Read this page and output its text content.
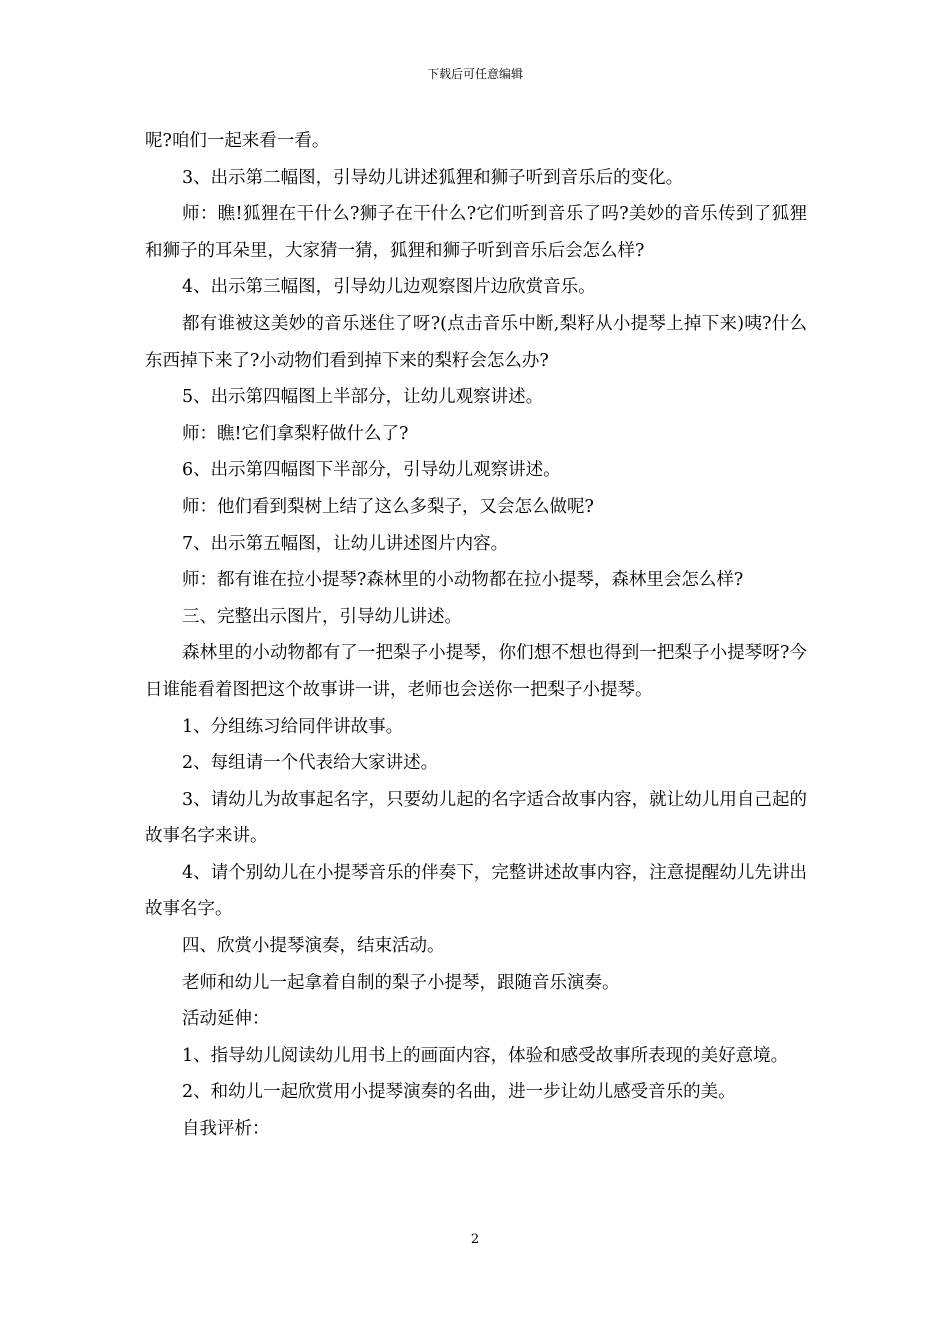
下载后可任意编辑

呢?咱们一起来看一看。

3、出示第二幅图，引导幼儿讲述狐狸和狮子听到音乐后的变化。

师：瞧!狐狸在干什么?狮子在干什么?它们听到音乐了吗?美妙的音乐传到了狐狸和狮子的耳朵里，大家猜一猜，狐狸和狮子听到音乐后会怎么样?

4、出示第三幅图，引导幼儿边观察图片边欣赏音乐。

都有谁被这美妙的音乐迷住了呀?(点击音乐中断,梨籽从小提琴上掉下来)咦?什么东西掉下来了?小动物们看到掉下来的梨籽会怎么办?

5、出示第四幅图上半部分，让幼儿观察讲述。

师：瞧!它们拿梨籽做什么了?

6、出示第四幅图下半部分，引导幼儿观察讲述。

师：他们看到梨树上结了这么多梨子，又会怎么做呢?

7、出示第五幅图，让幼儿讲述图片内容。

师：都有谁在拉小提琴?森林里的小动物都在拉小提琴，森林里会怎么样?

三、完整出示图片，引导幼儿讲述。

森林里的小动物都有了一把梨子小提琴，你们想不想也得到一把梨子小提琴呀?今日谁能看着图把这个故事讲一讲，老师也会送你一把梨子小提琴。

1、分组练习给同伴讲故事。

2、每组请一个代表给大家讲述。

3、请幼儿为故事起名字，只要幼儿起的名字适合故事内容，就让幼儿用自己起的故事名字来讲。

4、请个别幼儿在小提琴音乐的伴奏下，完整讲述故事内容，注意提醒幼儿先讲出故事名字。

四、欣赏小提琴演奏，结束活动。

老师和幼儿一起拿着自制的梨子小提琴，跟随音乐演奏。

活动延伸：

1、指导幼儿阅读幼儿用书上的画面内容，体验和感受故事所表现的美好意境。

2、和幼儿一起欣赏用小提琴演奏的名曲，进一步让幼儿感受音乐的美。

自我评析：

2
